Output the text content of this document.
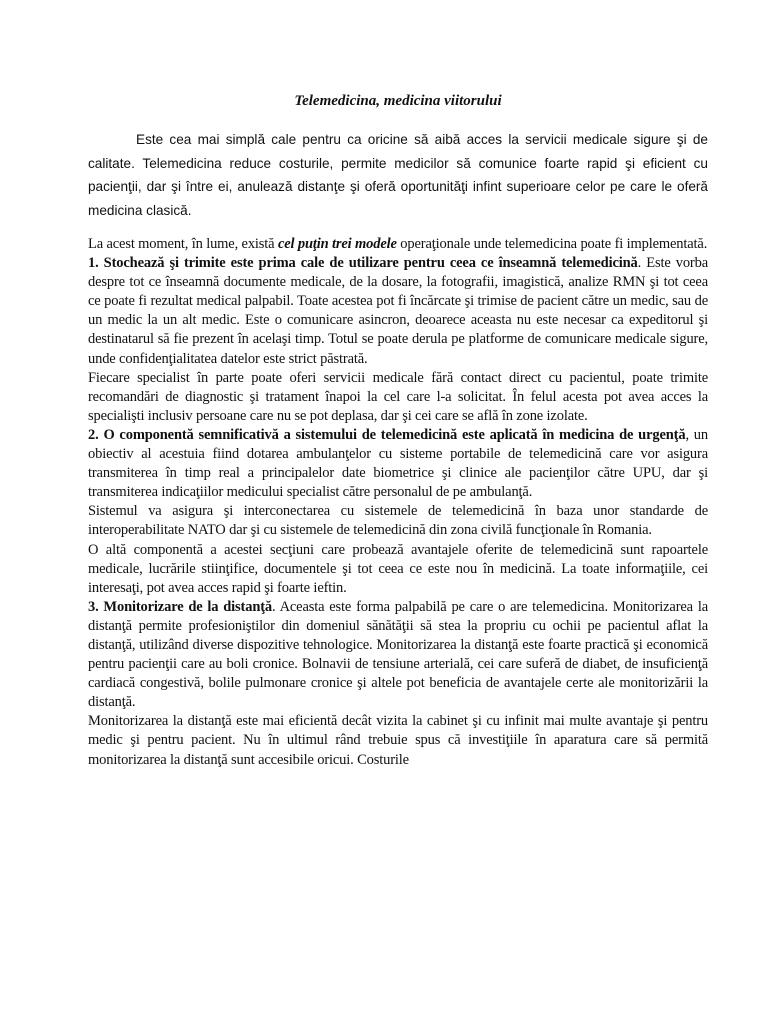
Telemedicina, medicina viitorului

Este cea mai simplă cale pentru ca oricine să aibă acces la servicii medicale sigure şi de calitate. Telemedicina reduce costurile, permite medicilor să comunice foarte rapid şi eficient cu pacienţii, dar şi între ei, anulează distanţe şi oferă oportunităţi infint superioare celor pe care le oferă medicina clasică.

La acest moment, în lume, există cel puţin trei modele operaţionale unde telemedicina poate fi implementată.

1. Stochează şi trimite este prima cale de utilizare pentru ceea ce înseamnă telemedicină. Este vorba despre tot ce înseamnă documente medicale, de la dosare, la fotografii, imagistică, analize RMN şi tot ceea ce poate fi rezultat medical palpabil. Toate acestea pot fi încărcate şi trimise de pacient către un medic, sau de un medic la un alt medic. Este o comunicare asincron, deoarece aceasta nu este necesar ca expeditorul şi destinatarul să fie prezent în acelaşi timp. Totul se poate derula pe platforme de comunicare medicale sigure, unde confidenţialitatea datelor este strict păstrată.

Fiecare specialist în parte poate oferi servicii medicale fără contact direct cu pacientul, poate trimite recomandări de diagnostic şi tratament înapoi la cel care l-a solicitat. În felul acesta pot avea acces la specialişti inclusiv persoane care nu se pot deplasa, dar şi cei care se află în zone izolate.

2. O componentă semnificativă a sistemului de telemedicină este aplicată în medicina de urgenţă, un obiectiv al acestuia fiind dotarea ambulanţelor cu sisteme portabile de telemedicină care vor asigura transmiterea în timp real a principalelor date biometrice şi clinice ale pacienţilor către UPU, dar şi transmiterea indicaţiilor medicului specialist către personalul de pe ambulanţă.

Sistemul va asigura şi interconectarea cu sistemele de telemedicină în baza unor standarde de interoperabilitate NATO dar şi cu sistemele de telemedicină din zona civilă funcţionale în Romania.

O altă componentă a acestei secţiuni care probează avantajele oferite de telemedicină sunt rapoartele medicale, lucrările stiinţifice, documentele şi tot ceea ce este nou în medicină. La toate informaţiile, cei interesaţi, pot avea acces rapid şi foarte ieftin.

3. Monitorizare de la distanţă. Aceasta este forma palpabilă pe care o are telemedicina. Monitorizarea la distanţă permite profesioniştilor din domeniul sănătăţii să stea la propriu cu ochii pe pacientul aflat la distanţă, utilizând diverse dispozitive tehnologice. Monitorizarea la distanţă este foarte practică şi economică pentru pacienţii care au boli cronice. Bolnavii de tensiune arterială, cei care suferă de diabet, de insuficienţă cardiacă congestivă, bolile pulmonare cronice şi altele pot beneficia de avantajele certe ale monitorizării la distanţă.

Monitorizarea la distanţă este mai eficientă decât vizita la cabinet şi cu infinit mai multe avantaje şi pentru medic şi pentru pacient. Nu în ultimul rând trebuie spus că investiţiile în aparatura care să permită monitorizarea la distanţă sunt accesibile oricui. Costurile
